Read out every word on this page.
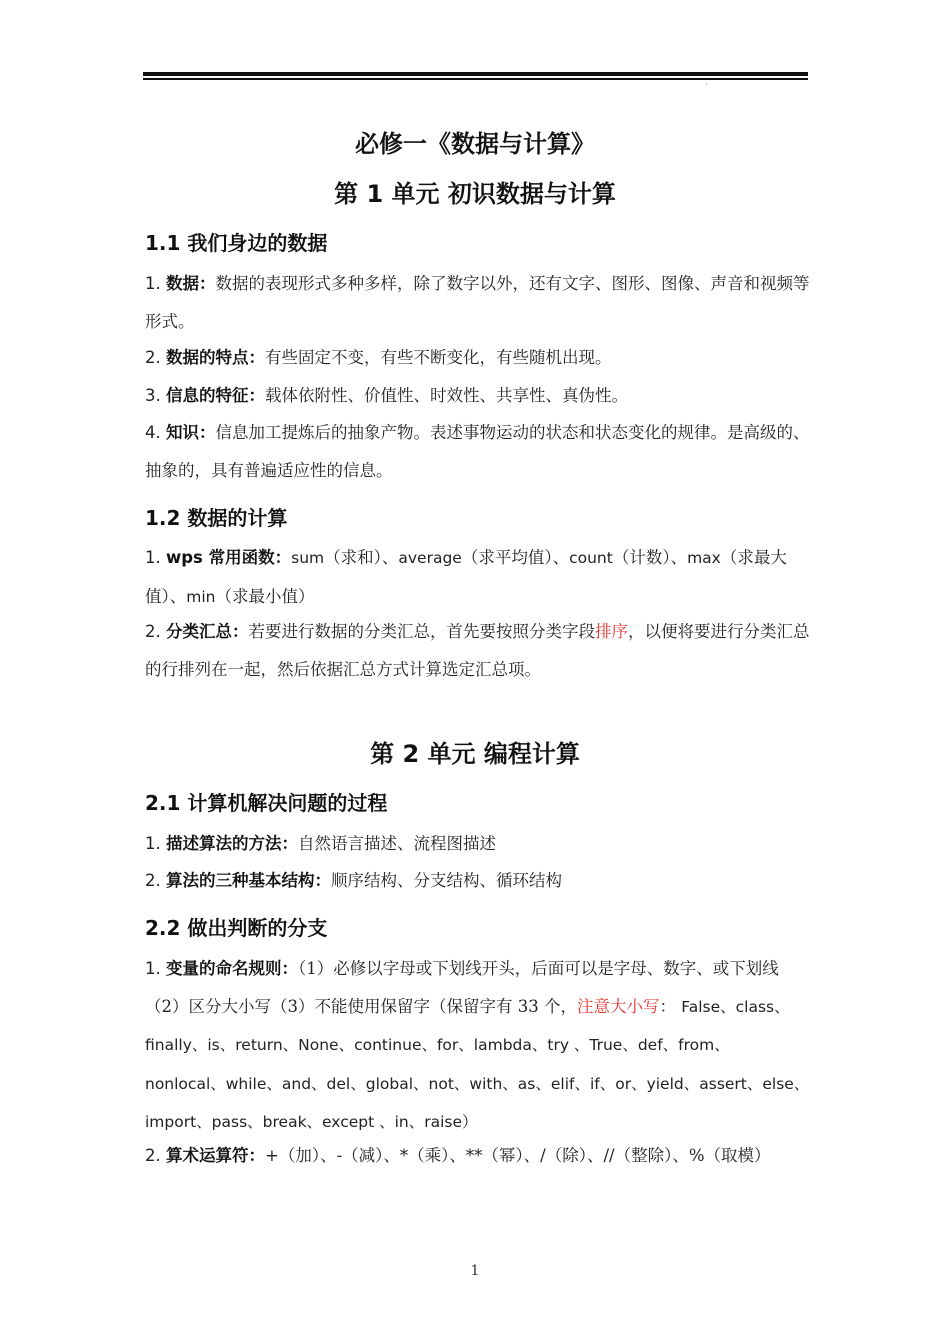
·
必修一《数据与计算》
第 1 单元 初识数据与计算
1.1 我们身边的数据
1. 数据：数据的表现形式多种多样，除了数字以外，还有文字、图形、图像、声音和视频等形式。
2. 数据的特点：有些固定不变，有些不断变化，有些随机出现。
3. 信息的特征：载体依附性、价值性、时效性、共享性、真伪性。
4. 知识：信息加工提炼后的抽象产物。表述事物运动的状态和状态变化的规律。是高级的、抽象的，具有普遍适应性的信息。
1.2 数据的计算
1. wps 常用函数：sum（求和）、average（求平均值）、count（计数）、max（求最大值）、min（求最小值）
2. 分类汇总：若要进行数据的分类汇总，首先要按照分类字段排序，以便将要进行分类汇总的行排列在一起，然后依据汇总方式计算选定汇总项。
第 2 单元 编程计算
2.1 计算机解决问题的过程
1. 描述算法的方法：自然语言描述、流程图描述
2. 算法的三种基本结构：顺序结构、分支结构、循环结构
2.2 做出判断的分支
1. 变量的命名规则：（1）必修以字母或下划线开头，后面可以是字母、数字、或下划线（2）区分大小写（3）不能使用保留字（保留字有 33 个，注意大小写： False、class、finally、is、return、None、continue、for、lambda、try 、True、def、from、nonlocal、while、and、del、global、not、with、as、elif、if、or、yield、assert、else、import、pass、break、except 、in、raise）
2. 算术运算符：+（加）、-（减）、*（乘）、**（幂）、/（除）、//（整除）、%（取模）
1
